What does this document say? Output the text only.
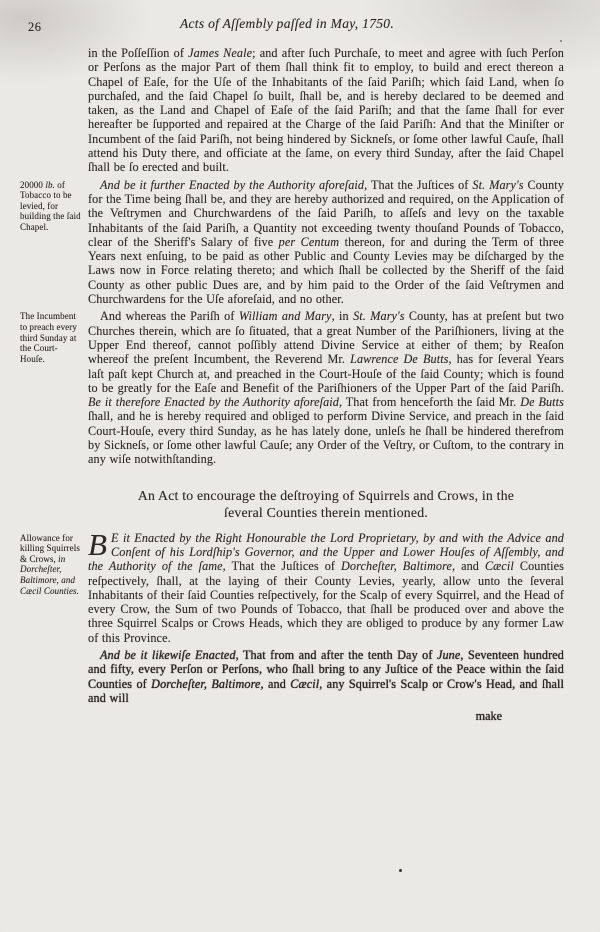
26	Acts of Aſſembly paſſed in May, 1750.
in the Poſſeſſion of James Neale; and after ſuch Purchaſe, to meet and agree with ſuch Perſon or Perſons as the major Part of them ſhall think fit to employ, to build and erect thereon a Chapel of Eaſe, for the Uſe of the Inhabitants of the ſaid Pariſh; which ſaid Land, when ſo purchaſed, and the ſaid Chapel ſo built, ſhall be, and is hereby declared to be deemed and taken, as the Land and Chapel of Eaſe of the ſaid Pariſh; and that the ſame ſhall for ever hereafter be ſupported and repaired at the Charge of the ſaid Pariſh: And that the Miniſter or Incumbent of the ſaid Pariſh, not being hindered by Sickneſs, or ſome other lawful Cauſe, ſhall attend his Duty there, and officiate at the ſame, on every third Sunday, after the ſaid Chapel ſhall be ſo erected and built.
20000 lb. of Tobacco to be levied, for building the ſaid Chapel.
And be it further Enacted by the Authority aforeſaid, That the Juſtices of St. Mary's County for the Time being ſhall be, and they are hereby authorized and required, on the Application of the Veſtrymen and Churchwardens of the ſaid Pariſh, to aſſeſs and levy on the taxable Inhabitants of the ſaid Pariſh, a Quantity not exceeding twenty thouſand Pounds of Tobacco, clear of the Sheriff's Salary of five per Centum thereon, for and during the Term of three Years next enſuing, to be paid as other Public and County Levies may be diſcharged by the Laws now in Force relating thereto; and which ſhall be collected by the Sheriff of the ſaid County as other public Dues are, and by him paid to the Order of the ſaid Veſtrymen and Churchwardens for the Uſe aforeſaid, and no other.
The Incumbent to preach every third Sunday at the Court-Houſe.
And whereas the Pariſh of William and Mary, in St. Mary's County, has at preſent but two Churches therein, which are ſo ſituated, that a great Number of the Pariſhioners, living at the Upper End thereof, cannot poſſibly attend Divine Service at either of them; by Reaſon whereof the preſent Incumbent, the Reverend Mr. Lawrence De Butts, has for ſeveral Years laſt paſt kept Church at, and preached in the Court-Houſe of the ſaid County; which is found to be greatly for the Eaſe and Benefit of the Pariſhioners of the Upper Part of the ſaid Pariſh. Be it therefore Enacted by the Authority aforeſaid, That from henceforth the ſaid Mr. De Butts ſhall, and he is hereby required and obliged to perform Divine Service, and preach in the ſaid Court-Houſe, every third Sunday, as he has lately done, unleſs he ſhall be hindered therefrom by Sickneſs, or ſome other lawful Cauſe; any Order of the Veſtry, or Cuſtom, to the contrary in any wiſe notwithſtanding.
An Act to encourage the deſtroying of Squirrels and Crows, in the ſeveral Counties therein mentioned.
Allowance for killing Squirrels & Crows, in Dorcheſter, Baltimore, and Cæcil Counties.
B E it Enacted by the Right Honourable the Lord Proprietary, by and with the Advice and Conſent of his Lordſhip's Governor, and the Upper and Lower Houſes of Aſſembly, and the Authority of the ſame, That the Juſtices of Dorcheſter, Baltimore, and Cæcil Counties reſpectively, ſhall, at the laying of their County Levies, yearly, allow unto the ſeveral Inhabitants of their ſaid Counties reſpectively, for the Scalp of every Squirrel, and the Head of every Crow, the Sum of two Pounds of Tobacco, that ſhall be produced over and above the three Squirrel Scalps or Crows Heads, which they are obliged to produce by any former Law of this Province.
And be it likewiſe Enacted, That from and after the tenth Day of June, Seventeen hundred and fifty, every Perſon or Perſons, who ſhall bring to any Juſtice of the Peace within the ſaid Counties of Dorcheſter, Baltimore, and Cæcil, any Squirrel's Scalp or Crow's Head, and ſhall and will
make
